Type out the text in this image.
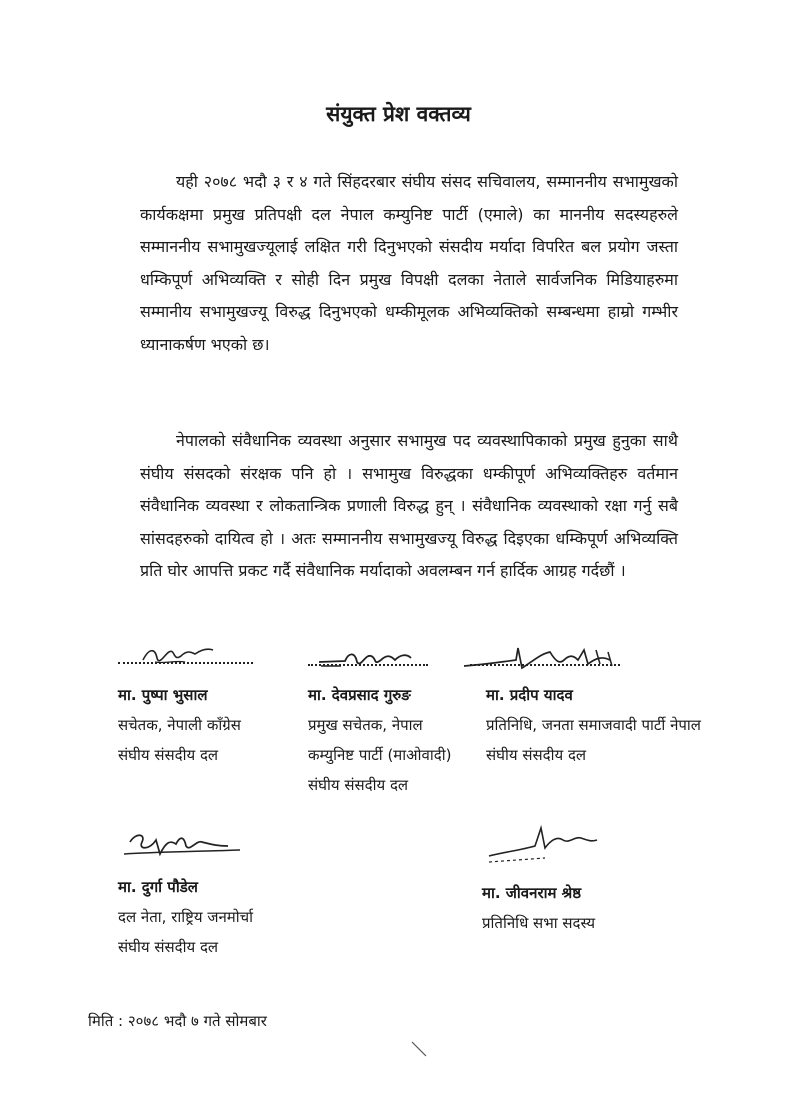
संयुक्त प्रेश वक्तव्य

यही २०७८ भदौ ३ र ४ गते सिंहदरबार संघीय संसद सचिवालय, सम्माननीय सभामुखको कार्यकक्षमा प्रमुख प्रतिपक्षी दल नेपाल कम्युनिष्ट पार्टी (एमाले) का माननीय सदस्यहरुले सम्माननीय सभामुखज्यूलाई लक्षित गरी दिनुभएको संसदीय मर्यादा विपरित बल प्रयोग जस्ता धम्किपूर्ण अभिव्यक्ति र सोही दिन प्रमुख विपक्षी दलका नेताले सार्वजनिक मिडियाहरुमा सम्मानीय सभामुखज्यू विरुद्ध दिनुभएको धम्कीमूलक अभिव्यक्तिको सम्बन्धमा हाम्रो गम्भीर ध्यानाकर्षण भएको छ।

नेपालको संवैधानिक व्यवस्था अनुसार सभामुख पद व्यवस्थापिकाको प्रमुख हुनुका साथै संघीय संसदको संरक्षक पनि हो । सभामुख विरुद्धका धम्कीपूर्ण अभिव्यक्तिहरु वर्तमान संवैधानिक व्यवस्था र लोकतान्त्रिक प्रणाली विरुद्ध हुन् । संवैधानिक व्यवस्थाको रक्षा गर्नु सबै सांसदहरुको दायित्व हो । अतः सम्माननीय सभामुखज्यू विरुद्ध दिइएका धम्किपूर्ण अभिव्यक्ति प्रति घोर आपत्ति प्रकट गर्दै संवैधानिक मर्यादाको अवलम्बन गर्न हार्दिक आग्रह गर्दछौं ।

मा. पुष्पा भुसाल
सचेतक, नेपाली काँग्रेस
संघीय संसदीय दल
मा. देवप्रसाद गुरुङ
प्रमुख सचेतक, नेपाल
कम्युनिष्ट पार्टी (माओवादी)
संघीय संसदीय दल
मा. प्रदीप यादव
प्रतिनिधि, जनता समाजवादी पार्टी नेपाल
संघीय संसदीय दल
मा. दुर्गा पौडेल
दल नेता, राष्ट्रिय जनमोर्चा
संघीय संसदीय दल
मा. जीवनराम श्रेष्ठ
प्रतिनिधि सभा सदस्य
मिति : २०७८ भदौ ७ गते सोमबार
